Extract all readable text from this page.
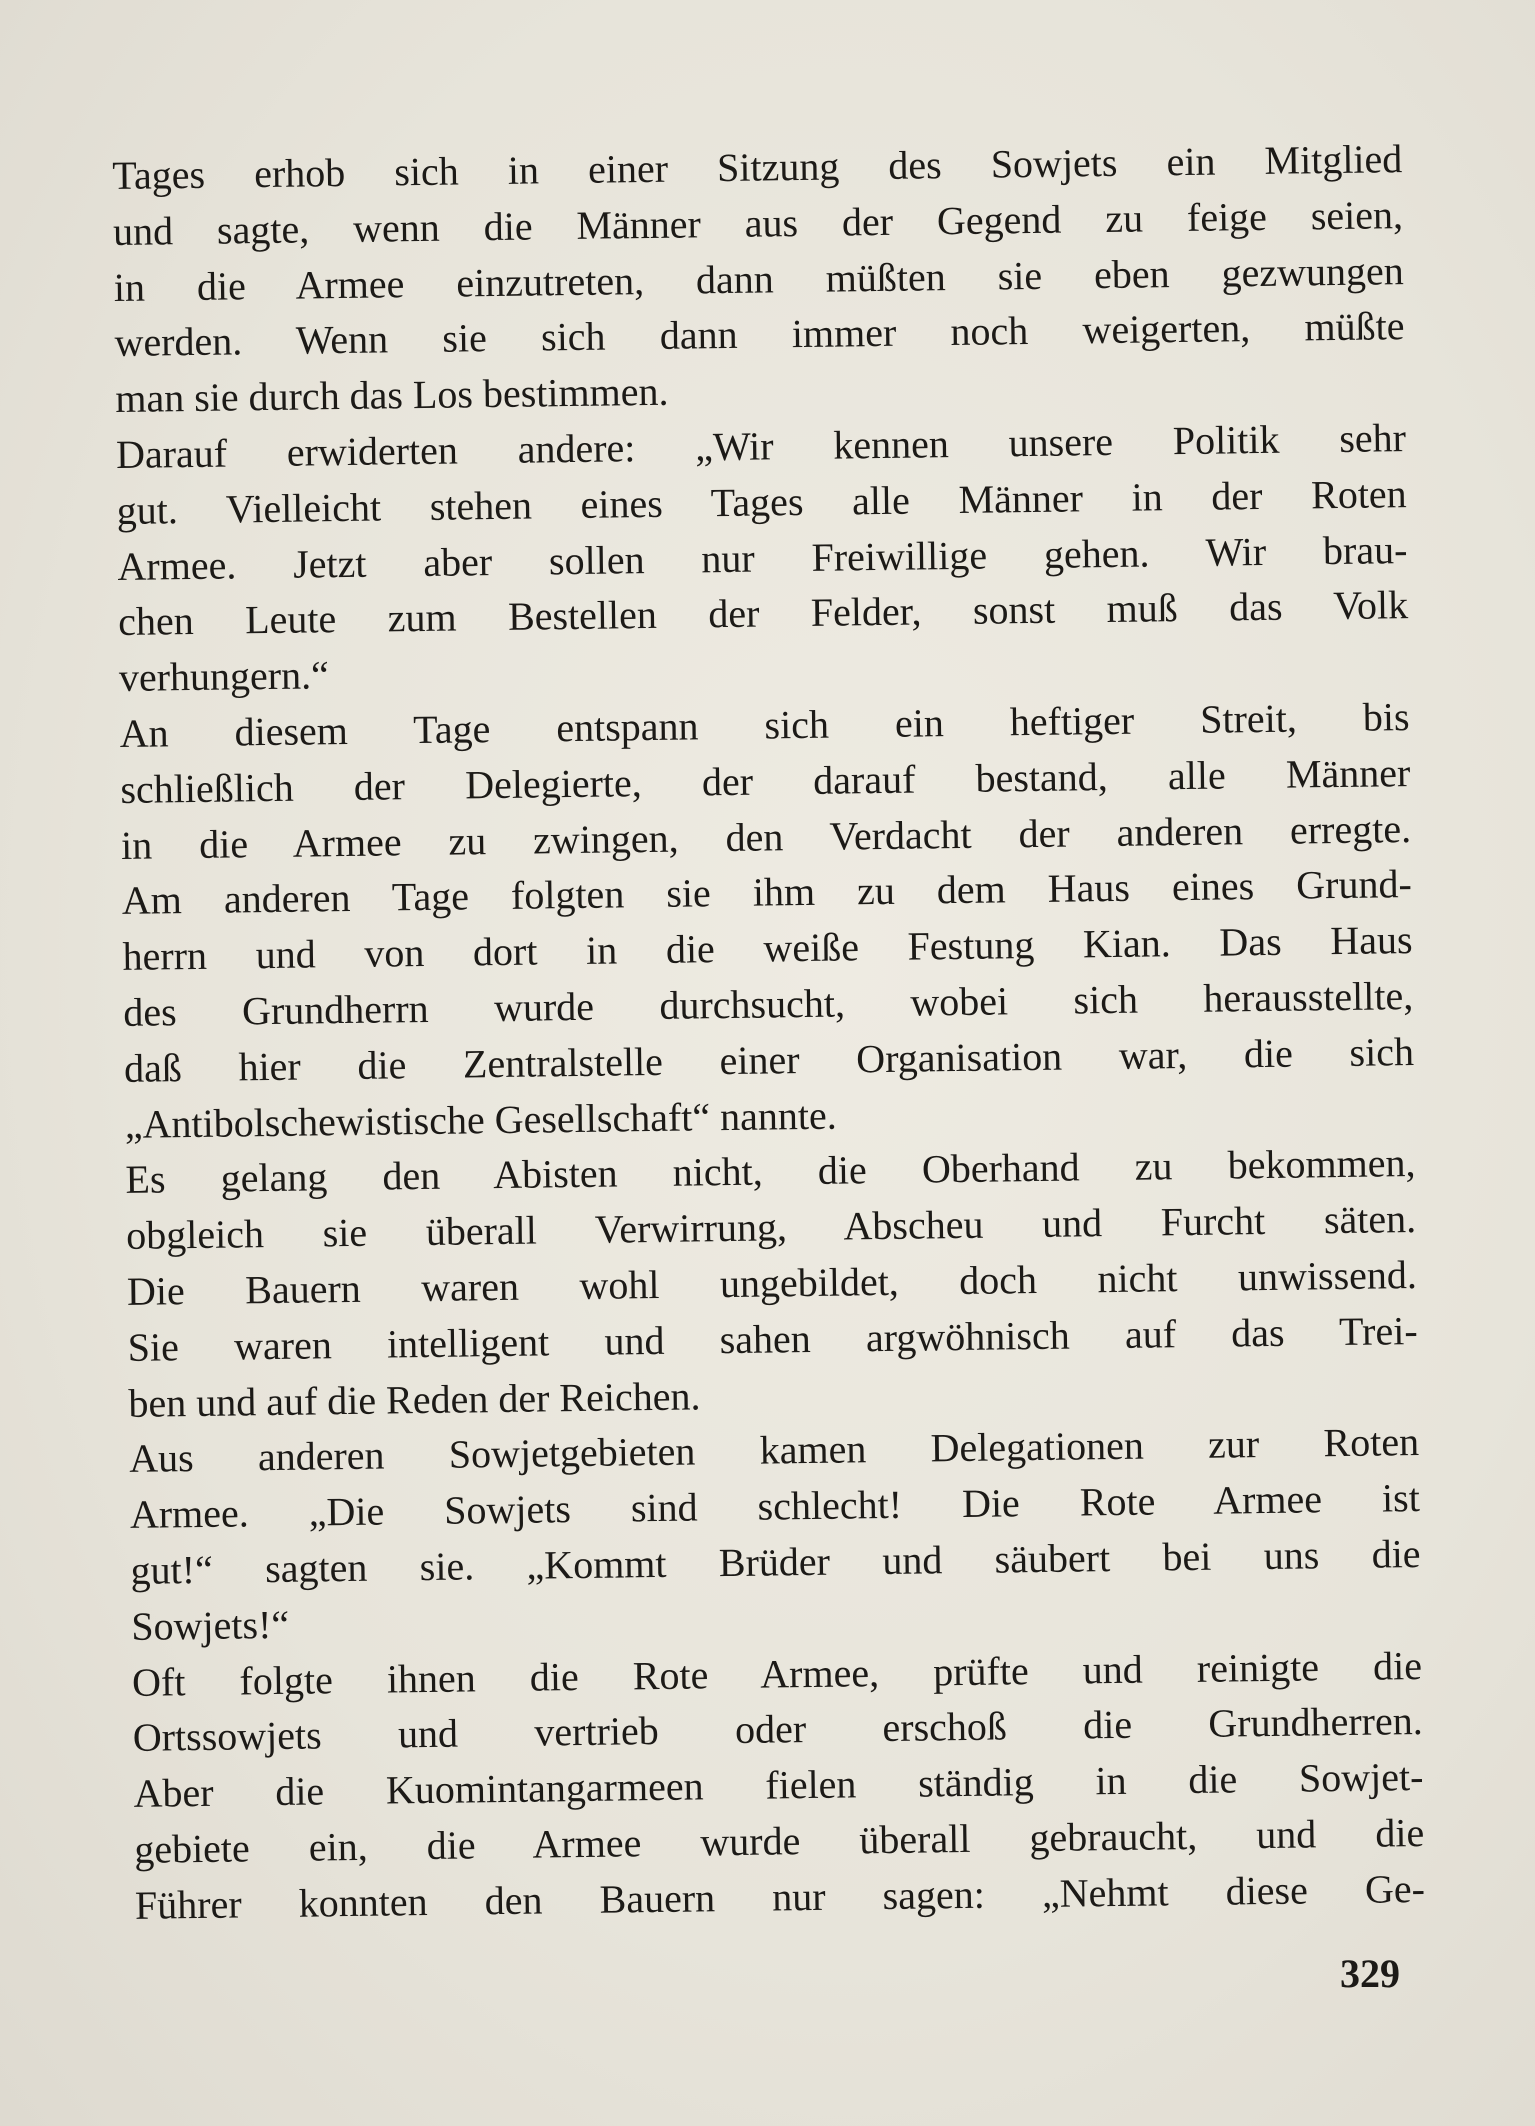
Tages erhob sich in einer Sitzung des Sowjets ein Mitglied
und sagte, wenn die Männer aus der Gegend zu feige seien,
in die Armee einzutreten, dann müßten sie eben gezwungen
werden. Wenn sie sich dann immer noch weigerten, müßte
man sie durch das Los bestimmen.
Darauf erwiderten andere: „Wir kennen unsere Politik sehr
gut. Vielleicht stehen eines Tages alle Männer in der Roten
Armee. Jetzt aber sollen nur Freiwillige gehen. Wir brau-
chen Leute zum Bestellen der Felder, sonst muß das Volk
verhungern.“
An diesem Tage entspann sich ein heftiger Streit, bis
schließlich der Delegierte, der darauf bestand, alle Männer
in die Armee zu zwingen, den Verdacht der anderen erregte.
Am anderen Tage folgten sie ihm zu dem Haus eines Grund-
herrn und von dort in die weiße Festung Kian. Das Haus
des Grundherrn wurde durchsucht, wobei sich herausstellte,
daß hier die Zentralstelle einer Organisation war, die sich
„Antibolschewistische Gesellschaft“ nannte.
Es gelang den Abisten nicht, die Oberhand zu bekommen,
obgleich sie überall Verwirrung, Abscheu und Furcht säten.
Die Bauern waren wohl ungebildet, doch nicht unwissend.
Sie waren intelligent und sahen argwöhnisch auf das Trei-
ben und auf die Reden der Reichen.
Aus anderen Sowjetgebieten kamen Delegationen zur Roten
Armee. „Die Sowjets sind schlecht! Die Rote Armee ist
gut!“ sagten sie. „Kommt Brüder und säubert bei uns die
Sowjets!“
Oft folgte ihnen die Rote Armee, prüfte und reinigte die
Ortssowjets und vertrieb oder erschoß die Grundherren.
Aber die Kuomintangarmeen fielen ständig in die Sowjet-
gebiete ein, die Armee wurde überall gebraucht, und die
Führer konnten den Bauern nur sagen: „Nehmt diese Ge-
329
